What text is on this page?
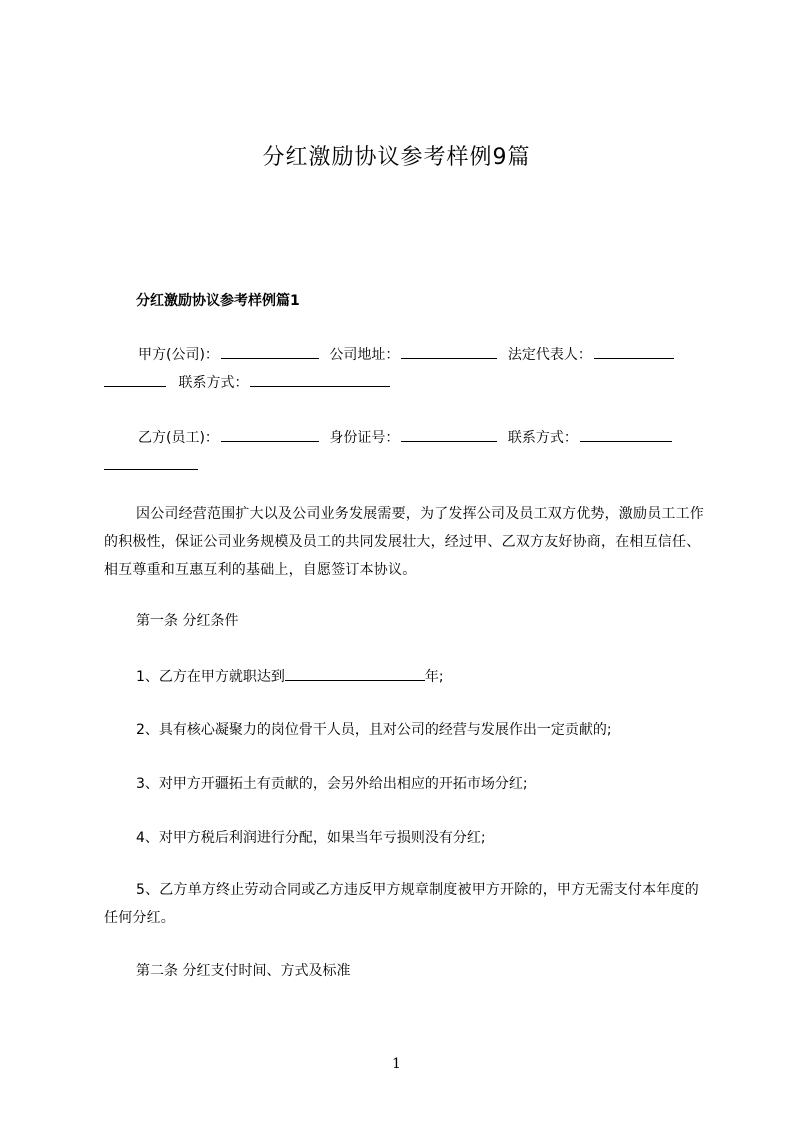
分红激励协议参考样例9篇
分红激励协议参考样例篇1
甲方(公司)：	公司地址：	法定代表人：
联系方式：
乙方(员工)：	身份证号：	联系方式：
因公司经营范围扩大以及公司业务发展需要，为了发挥公司及员工双方优势，激励员工工作的积极性，保证公司业务规模及员工的共同发展壮大，经过甲、乙双方友好协商，在相互信任、相互尊重和互惠互利的基础上，自愿签订本协议。
第一条 分红条件
1、乙方在甲方就职达到	年;
2、具有核心凝聚力的岗位骨干人员，且对公司的经营与发展作出一定贡献的;
3、对甲方开疆拓土有贡献的，会另外给出相应的开拓市场分红;
4、对甲方税后利润进行分配，如果当年亏损则没有分红;
5、乙方单方终止劳动合同或乙方违反甲方规章制度被甲方开除的，甲方无需支付本年度的任何分红。
第二条 分红支付时间、方式及标准
1
